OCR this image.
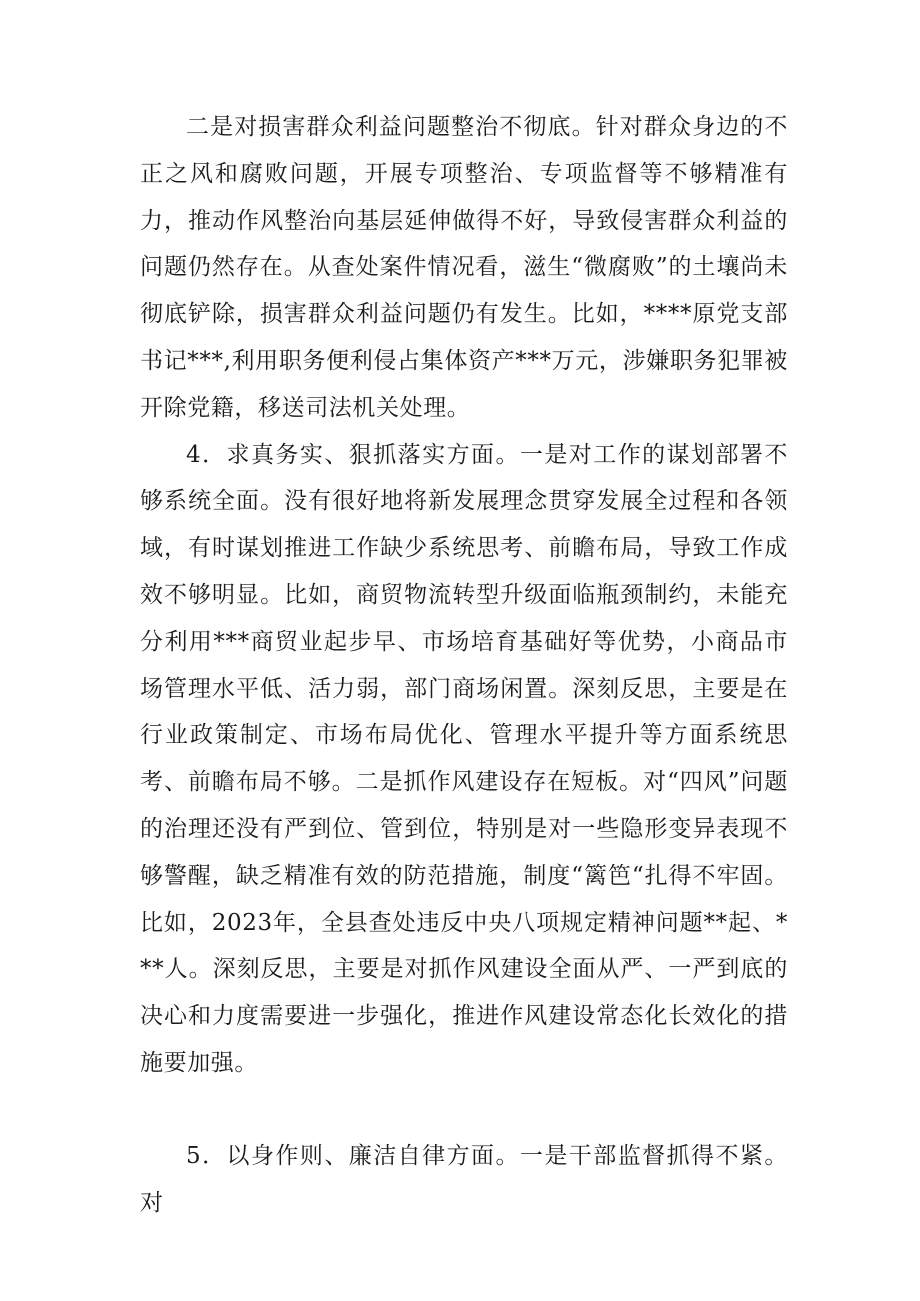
二是对损害群众利益问题整治不彻底。针对群众身边的不正之风和腐败问题，开展专项整治、专项监督等不够精准有力，推动作风整治向基层延伸做得不好，导致侵害群众利益的问题仍然存在。从查处案件情况看，滋生“微腐败”的土壤尚未彻底铲除，损害群众利益问题仍有发生。比如，****原党支部书记***,利用职务便利侵占集体资产***万元，涉嫌职务犯罪被开除党籍，移送司法机关处理。

4．求真务实、狠抓落实方面。一是对工作的谋划部署不够系统全面。没有很好地将新发展理念贯穿发展全过程和各领域，有时谋划推进工作缺少系统思考、前瞻布局，导致工作成效不够明显。比如，商贸物流转型升级面临瓶颈制约，未能充分利用***商贸业起步早、市场培育基础好等优势，小商品市场管理水平低、活力弱，部门商场闲置。深刻反思，主要是在行业政策制定、市场布局优化、管理水平提升等方面系统思考、前瞻布局不够。二是抓作风建设存在短板。对“四风”问题的治理还没有严到位、管到位，特别是对一些隐形变异表现不够警醒，缺乏精准有效的防范措施，制度“篱笆“扎得不牢固。比如，2023年，全县查处违反中央八项规定精神问题**起、***人。深刻反思，主要是对抓作风建设全面从严、一严到底的决心和力度需要进一步强化，推进作风建设常态化长效化的措施要加强。

5．以身作则、廉洁自律方面。一是干部监督抓得不紧。对
